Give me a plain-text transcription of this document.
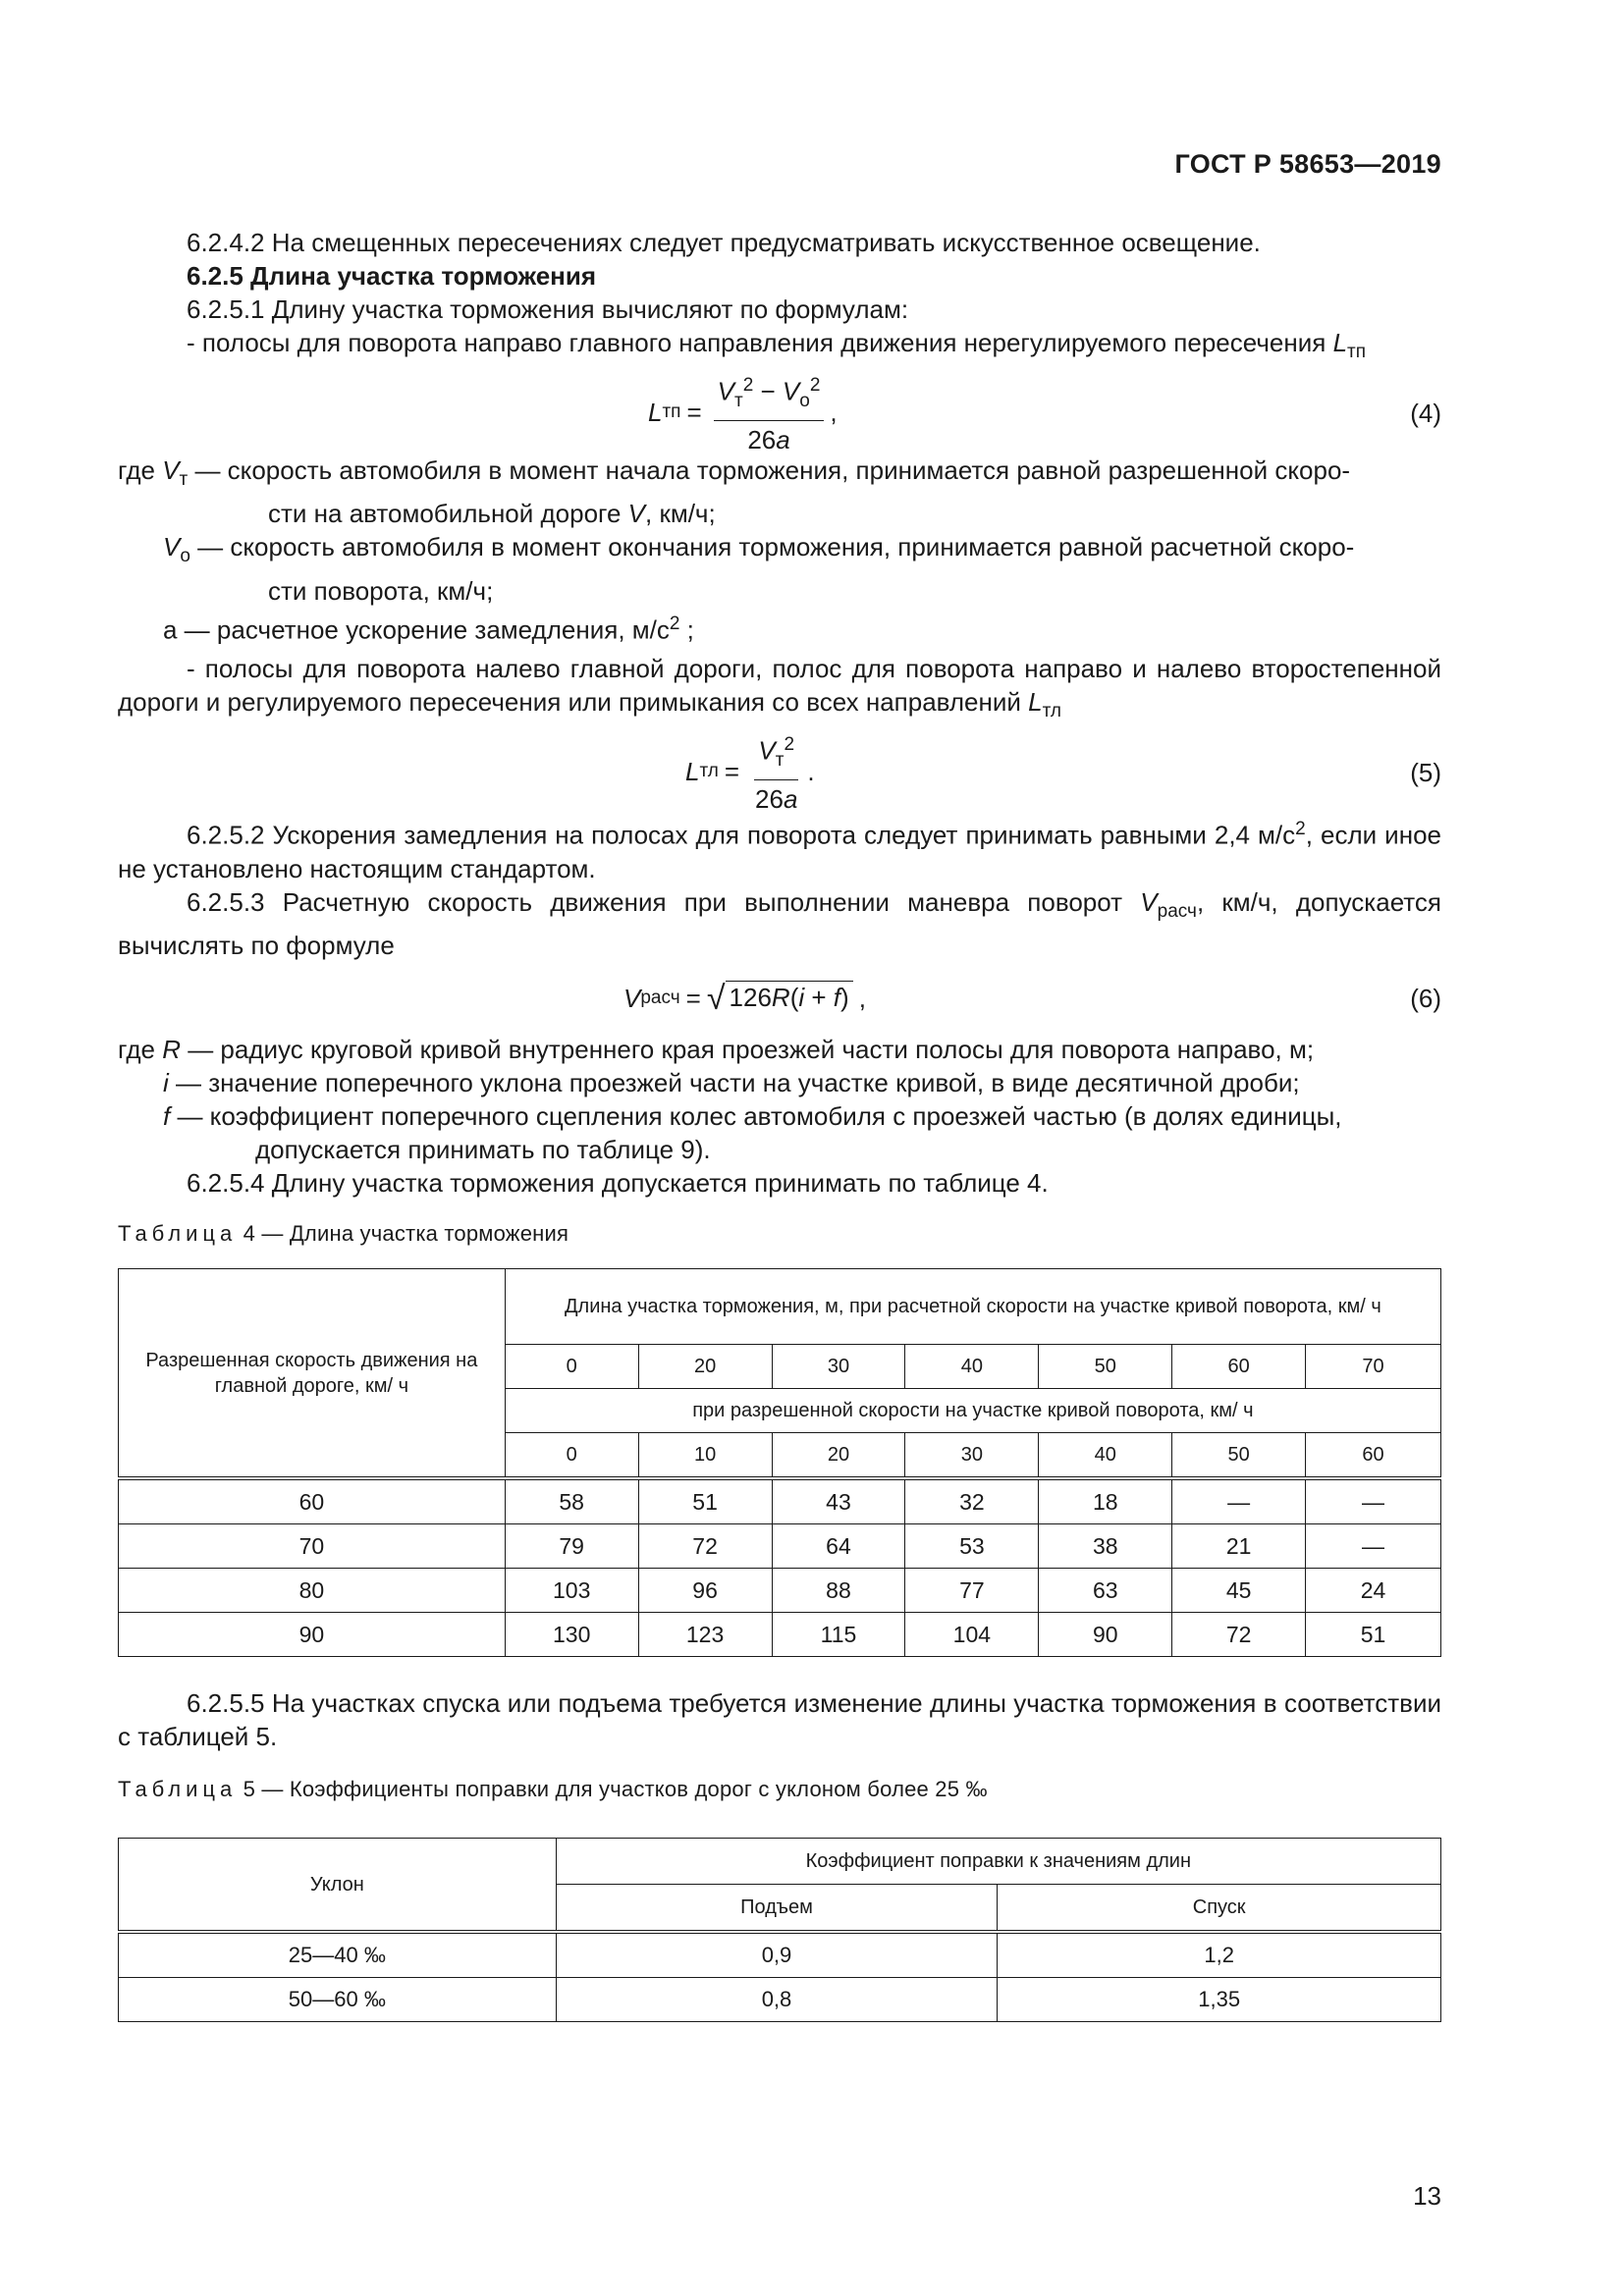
ГОСТ Р 58653—2019

6.2.4.2 На смещенных пересечениях следует предусматривать искусственное освещение.

6.2.5 Длина участка торможения

6.2.5.1 Длину участка торможения вычисляют по формулам:

- полосы для поворота направо главного направления движения нерегулируемого пересечения $L_{тп}$

L тп = $\frac{V_т^2 - V_о^2}{26a}$ ,	(4)

где $V_т$ — скорость автомобиля в момент начала торможения, принимается равной разрешенной скоро-

сти на автомобильной дороге V, км/ч;

$V_о$ — скорость автомобиля в момент окончания торможения, принимается равной расчетной скоро-

сти поворота, км/ч;

а — расчетное ускорение замедления, $м/с^2$ ;

- полосы для поворота налево главной дороги, полос для поворота направо и налево второстепенной дороги и регулируемого пересечения или примыкания со всех направлений $L_{тл}$

L тл = $\frac{V_т^2}{26a}$ .	(5)

6.2.5.2 Ускорения замедления на полосах для поворота следует принимать равными 2,4 $м/с^2$, если иное не установлено настоящим стандартом.

6.2.5.3 Расчетную скорость движения при выполнении маневра поворот $V_{расч}$, км/ч, допускается вычислять по формуле

V расч = √ 126R(i + f) ,	(6)

где R — радиус круговой кривой внутреннего края проезжей части полосы для поворота направо, м;

i — значение поперечного уклона проезжей части на участке кривой, в виде десятичной дроби;

f — коэффициент поперечного сцепления колес автомобиля с проезжей частью (в долях единицы,

допускается принимать по таблице 9).

6.2.5.4 Длину участка торможения допускается принимать по таблице 4.

Таблица 4 — Длина участка торможения
Разрешенная скорость движения на главной дороге, км/ ч	Длина участка торможения, м, при расчетной скорости на участке кривой поворота, км/ ч						
	0	20	30	40	50	60	70
	при разрешенной скорости на участке кривой поворота, км/ ч						
	0	10	20	30	40	50	60
60	58	51	43	32	18	—	—
70	79	72	64	53	38	21	—
80	103	96	88	77	63	45	24
90	130	123	115	104	90	72	51

6.2.5.5 На участках спуска или подъема требуется изменение длины участка торможения в соответствии с таблицей 5.

Таблица 5 — Коэффициенты поправки для участков дорог с уклоном более 25 ‰
Уклон	Коэффициент поправки к значениям длин	
	Подъем	Спуск
25—40 ‰	0,9	1,2
50—60 ‰	0,8	1,35
13
